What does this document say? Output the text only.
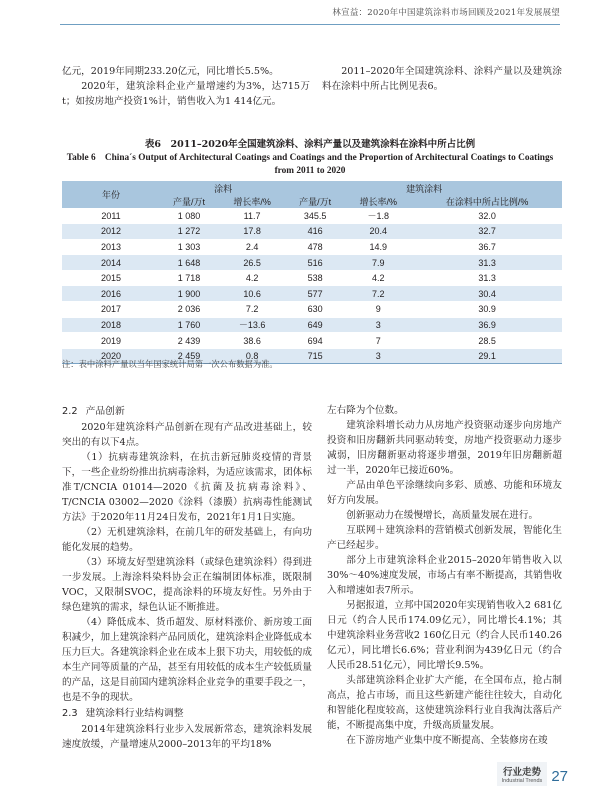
林宣益：2020年中国建筑涂料市场回顾及2021年发展展望

亿元，2019年同期233.20亿元，同比增长5.5%。

2020年，建筑涂料企业产量增速约为3%，达715万t；如按房地产投资1%计，销售收入为1 414亿元。

2011–2020年全国建筑涂料、涂料产量以及建筑涂料在涂料中所占比例见表6。

表6　2011–2020年全国建筑涂料、涂料产量以及建筑涂料在涂料中所占比例
Table 6　China´s Output of Architectural Coatings and Coatings and the Proportion of Architectural Coatings to Coatings from 2011 to 2020
年份	涂料		建筑涂料		
	产量/万t	增长率/%	产量/万t	增长率/%	在涂料中所占比例/%
2011	1 080	11.7	345.5	－1.8	32.0
2012	1 272	17.8	416	20.4	32.7
2013	1 303	2.4	478	14.9	36.7
2014	1 648	26.5	516	7.9	31.3
2015	1 718	4.2	538	4.2	31.3
2016	1 900	10.6	577	7.2	30.4
2017	2 036	7.2	630	9	30.9
2018	1 760	－13.6	649	3	36.9
2019	2 439	38.6	694	7	28.5
2020	2 459	0.8	715	3	29.1
注：表中涂料产量以当年国家统计局第一次公布数据为准。
2.2 产品创新

2020年建筑涂料产品创新在现有产品改进基础上，较突出的有以下4点。

（1）抗病毒建筑涂料，在抗击新冠肺炎疫情的背景下，一些企业纷纷推出抗病毒涂料，为适应该需求，团体标准T/CNCIA 01014—2020《抗菌及抗病毒涂料》、T/CNCIA 03002—2020《涂料（漆膜）抗病毒性能测试方法》于2020年11月24日发布，2021年1月1日实施。

（2）无机建筑涂料，在前几年的研发基础上，有向功能化发展的趋势。

（3）环境友好型建筑涂料（或绿色建筑涂料）得到进一步发展。上海涂料染料协会正在编制团体标准，既限制VOC，又限制SVOC，提高涂料的环境友好性。另外由于绿色建筑的需求，绿色认证不断推进。

（4）降低成本、货币超发、原材料涨价、新房竣工面积减少，加上建筑涂料产品同质化，建筑涂料企业降低成本压力巨大。各建筑涂料企业在成本上狠下功夫，用较低的成本生产同等质量的产品，甚至有用较低的成本生产较低质量的产品，这是目前国内建筑涂料企业竞争的重要手段之一，也是不争的现状。

2.3 建筑涂料行业结构调整

2014年建筑涂料行业步入发展新常态，建筑涂料发展速度放缓，产量增速从2000–2013年的平均18%

左右降为个位数。

建筑涂料增长动力从房地产投资驱动逐步向房地产投资和旧房翻新共同驱动转变，房地产投资驱动力逐步减弱，旧房翻新驱动将逐步增强，2019年旧房翻新超过一半，2020年已接近60%。

产品由单色平涂继续向多彩、质感、功能和环境友好方向发展。

创新驱动力在缓慢增长，高质量发展在进行。

互联网＋建筑涂料的营销模式创新发展，智能化生产已经起步。

部分上市建筑涂料企业2015–2020年销售收入以30%～40%速度发展，市场占有率不断提高，其销售收入和增速如表7所示。

另据报道，立邦中国2020年实现销售收入2 681亿日元（约合人民币174.09亿元），同比增长4.1%；其中建筑涂料业务营收2 160亿日元（约合人民币140.26亿元），同比增长6.6%；营业利润为439亿日元（约合人民币28.51亿元），同比增长9.5%。

头部建筑涂料企业扩大产能，在全国布点，抢占制高点，抢占市场，而且这些新建产能往往较大，自动化和智能化程度较高，这使建筑涂料行业自我淘汰落后产能，不断提高集中度，升级高质量发展。

在下游房地产业集中度不断提高、全装修房在竣

行业走势
Industrial Trends 27
